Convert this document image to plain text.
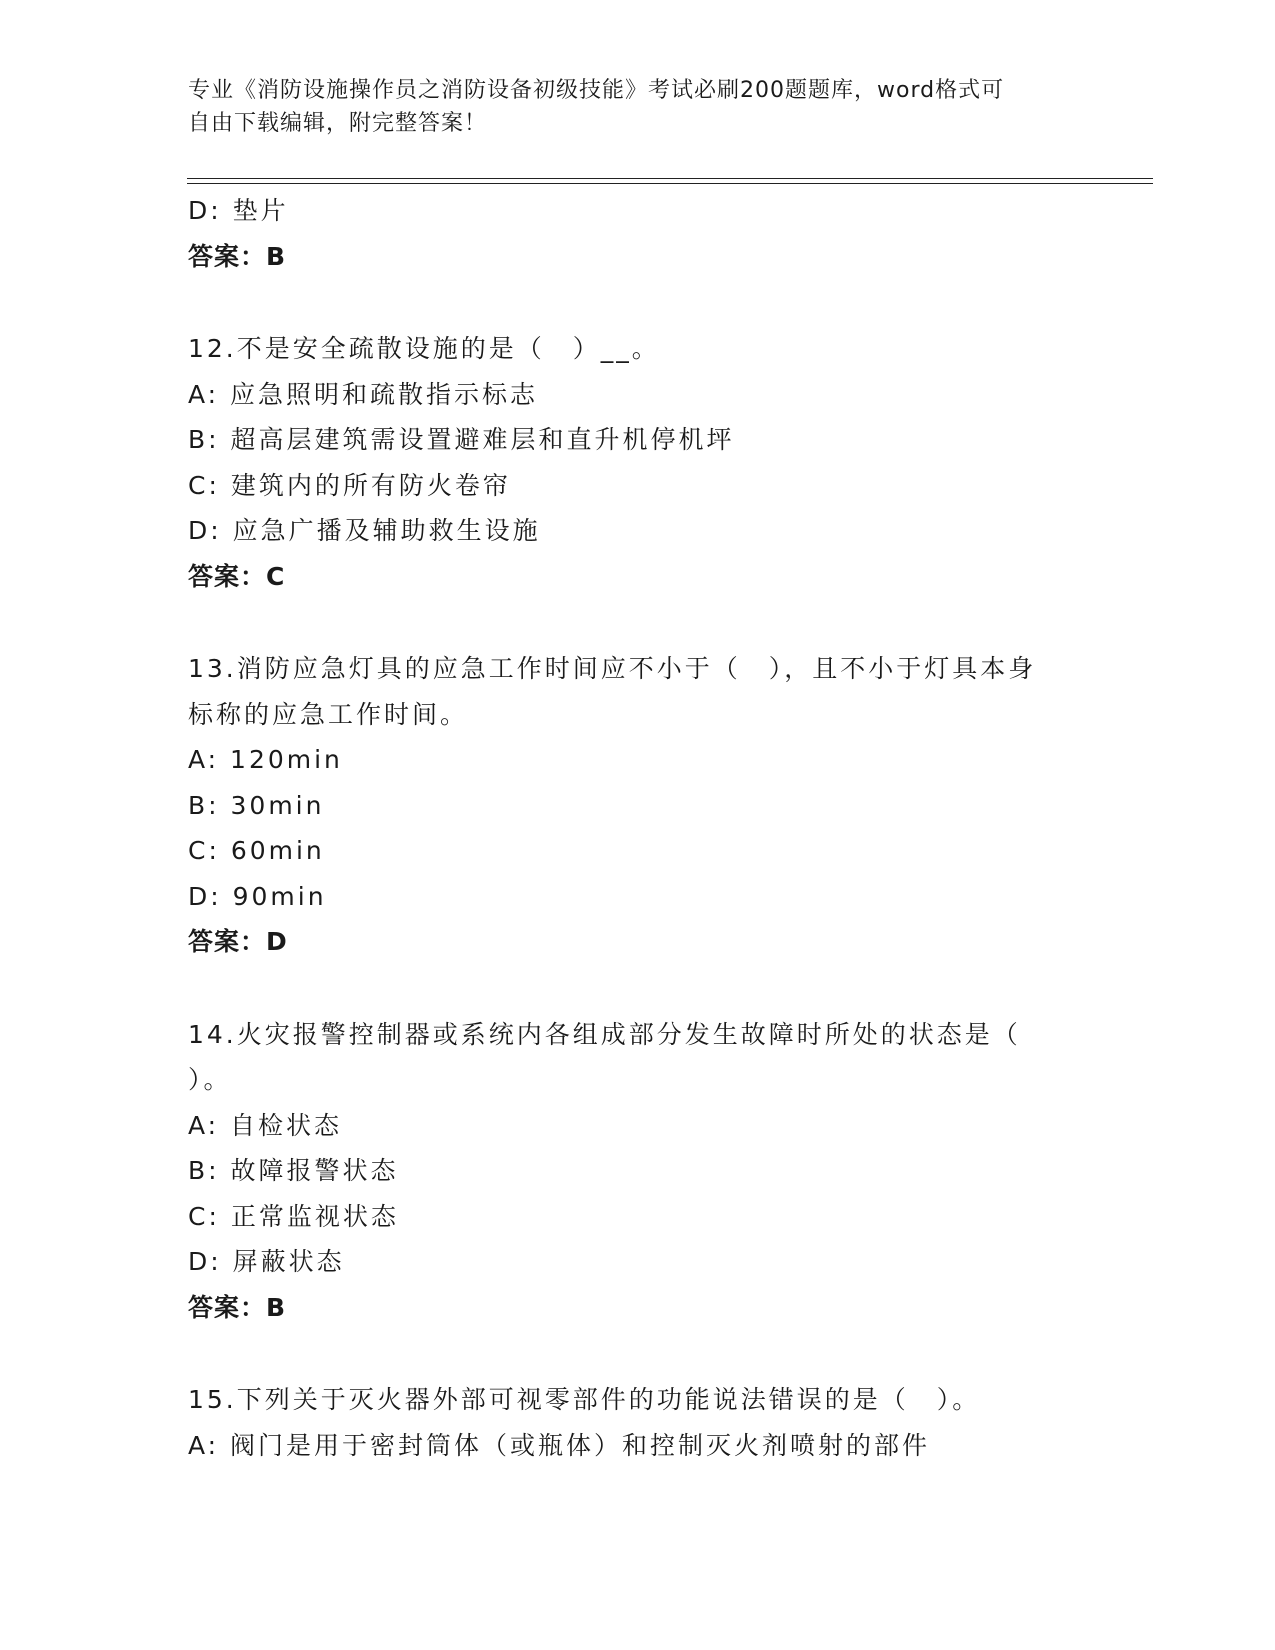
专业《消防设施操作员之消防设备初级技能》考试必刷200题题库，word格式可
自由下载编辑，附完整答案！
D: 垫片
答案：B
12.不是安全疏散设施的是（　）__。
A: 应急照明和疏散指示标志
B: 超高层建筑需设置避难层和直升机停机坪
C: 建筑内的所有防火卷帘
D: 应急广播及辅助救生设施
答案：C
13.消防应急灯具的应急工作时间应不小于（　），且不小于灯具本身
标称的应急工作时间。
A: 120min
B: 30min
C: 60min
D: 90min
答案：D
14.火灾报警控制器或系统内各组成部分发生故障时所处的状态是（
）。
A: 自检状态
B: 故障报警状态
C: 正常监视状态
D: 屏蔽状态
答案：B
15.下列关于灭火器外部可视零部件的功能说法错误的是（　）。
A: 阀门是用于密封筒体（或瓶体）和控制灭火剂喷射的部件
